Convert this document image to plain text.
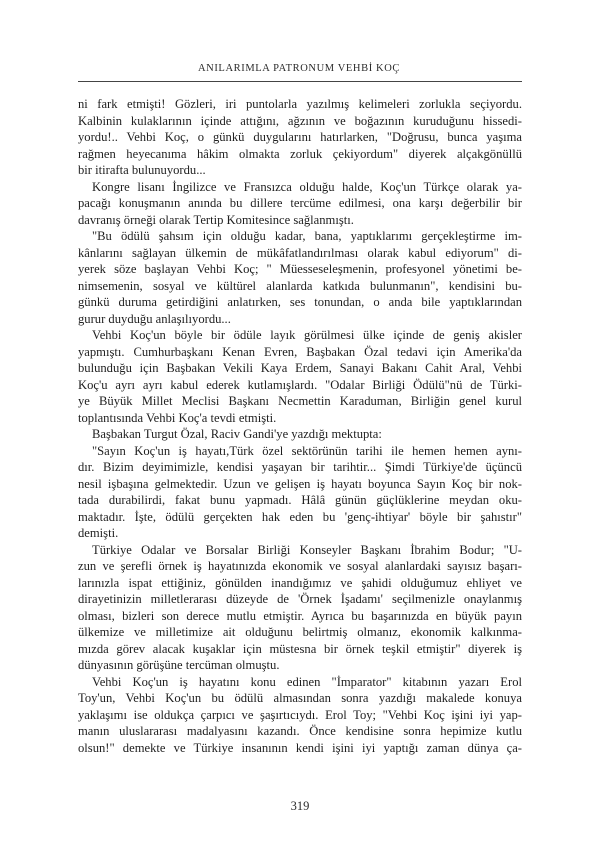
ANILARIMLA PATRONUM VEHBİ KOÇ
ni fark etmişti! Gözleri, iri puntolarla yazılmış kelimeleri zorlukla seçiyordu.
Kalbinin kulaklarının içinde attığını, ağzının ve boğazının kuruduğunu hissedi-
yordu!.. Vehbi Koç, o günkü duygularını hatırlarken, "Doğrusu, bunca yaşıma
rağmen heyecanıma hâkim olmakta zorluk çekiyordum" diyerek alçakgönüllü
bir itirafta bulunuyordu...
Kongre lisanı İngilizce ve Fransızca olduğu halde, Koç'un Türkçe olarak ya-
pacağı konuşmanın anında bu dillere tercüme edilmesi, ona karşı değerbilir bir
davranış örneği olarak Tertip Komitesince sağlanmıştı.
"Bu ödülü şahsım için olduğu kadar, bana, yaptıklarımı gerçekleştirme im-
kânlarını sağlayan ülkemin de mükâfatlandırılması olarak kabul ediyorum" di-
yerek söze başlayan Vehbi Koç; " Müesseseleşmenin, profesyonel yönetimi be-
nimsemenin, sosyal ve kültürel alanlarda katkıda bulunmanın", kendisini bu-
günkü duruma getirdiğini anlatırken, ses tonundan, o anda bile yaptıklarından
gurur duyduğu anlaşılıyordu...
Vehbi Koç'un böyle bir ödüle layık görülmesi ülke içinde de geniş akisler
yapmıştı. Cumhurbaşkanı Kenan Evren, Başbakan Özal tedavi için Amerika'da
bulunduğu için Başbakan Vekili Kaya Erdem, Sanayi Bakanı Cahit Aral, Vehbi
Koç'u ayrı ayrı kabul ederek kutlamışlardı. "Odalar Birliği Ödülü"nü de Türki-
ye Büyük Millet Meclisi Başkanı Necmettin Karaduman, Birliğin genel kurul
toplantısında Vehbi Koç'a tevdi etmişti.
Başbakan Turgut Özal, Raciv Gandi'ye yazdığı mektupta:
"Sayın Koç'un iş hayatı,Türk özel sektörünün tarihi ile hemen hemen aynı-
dır. Bizim deyimimizle, kendisi yaşayan bir tarihtir... Şimdi Türkiye'de üçüncü
nesil işbaşına gelmektedir. Uzun ve gelişen iş hayatı boyunca Sayın Koç bir nok-
tada durabilirdi, fakat bunu yapmadı. Hâlâ günün güçlüklerine meydan oku-
maktadır. İşte, ödülü gerçekten hak eden bu 'genç-ihtiyar' böyle bir şahıstır"
demişti.
Türkiye Odalar ve Borsalar Birliği Konseyler Başkanı İbrahim Bodur; "U-
zun ve şerefli örnek iş hayatınızda ekonomik ve sosyal alanlardaki sayısız başarı-
larınızla ispat ettiğiniz, gönülden inandığımız ve şahidi olduğumuz ehliyet ve
dirayetinizin milletlerarası düzeyde de 'Örnek İşadamı' seçilmenizle onaylanmış
olması, bizleri son derece mutlu etmiştir. Ayrıca bu başarınızda en büyük payın
ülkemize ve milletimize ait olduğunu belirtmiş olmanız, ekonomik kalkınma-
mızda görev alacak kuşaklar için müstesna bir örnek teşkil etmiştir" diyerek iş
dünyasının görüşüne tercüman olmuştu.
Vehbi Koç'un iş hayatını konu edinen "İmparator" kitabının yazarı Erol
Toy'un, Vehbi Koç'un bu ödülü almasından sonra yazdığı makalede konuya
yaklaşımı ise oldukça çarpıcı ve şaşırtıcıydı. Erol Toy; "Vehbi Koç işini iyi yap-
manın uluslararası madalyasını kazandı. Önce kendisine sonra hepimize kutlu
olsun!" demekte ve Türkiye insanının kendi işini iyi yaptığı zaman dünya ça-
319
